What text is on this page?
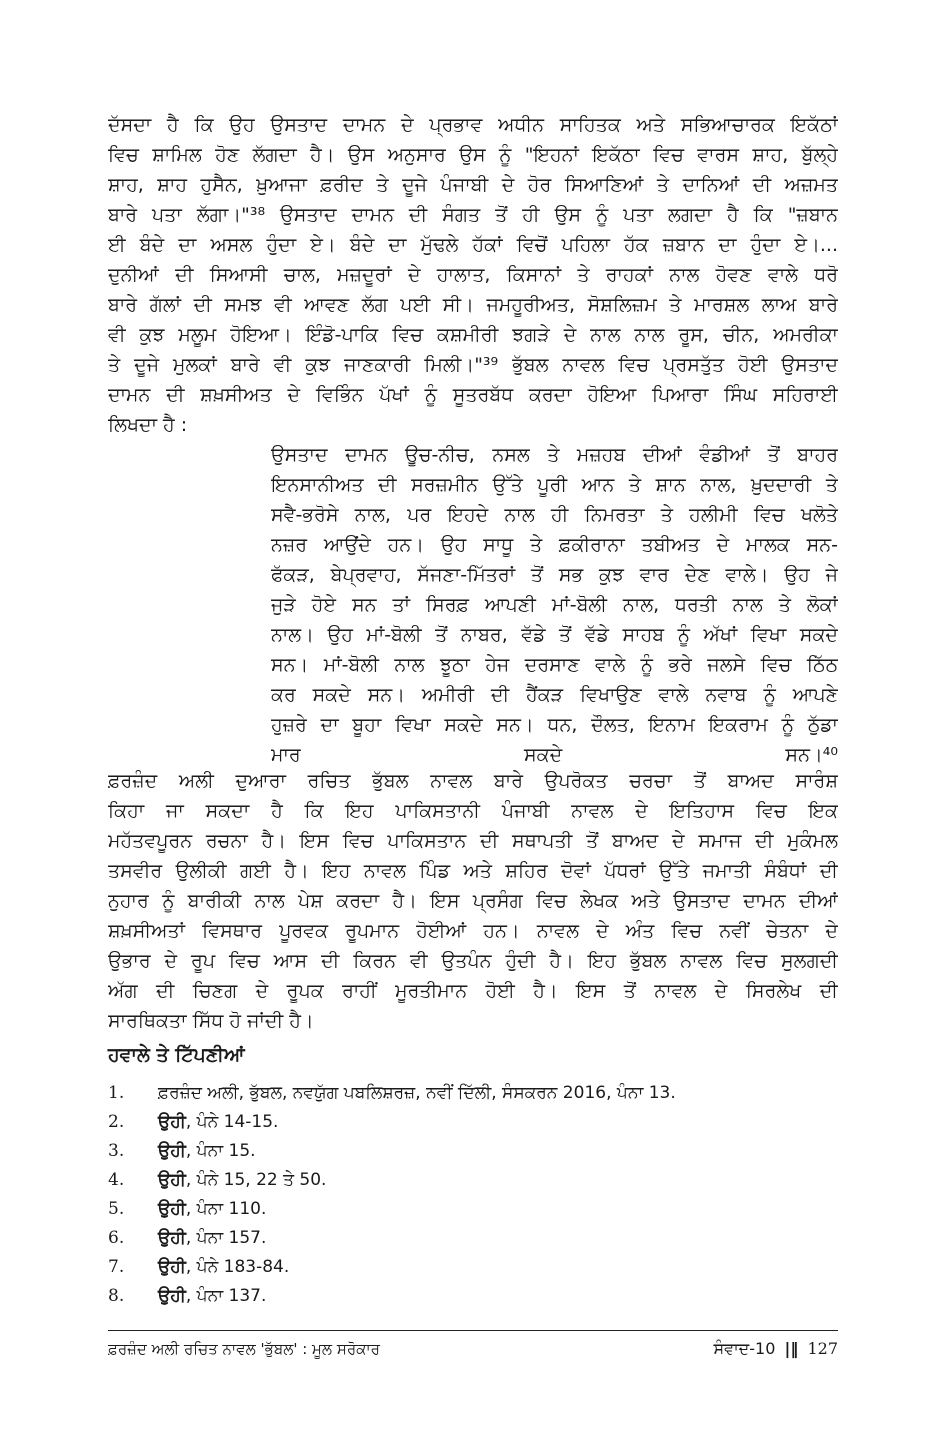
ਦੱਸਦਾ ਹੈ ਕਿ ਉਹ ਉਸਤਾਦ ਦਾਮਨ ਦੇ ਪ੍ਰਭਾਵ ਅਧੀਨ ਸਾਹਿਤਕ ਅਤੇ ਸਭਿਆਚਾਰਕ ਇਕੱਠਾਂ
ਵਿਚ ਸ਼ਾਮਿਲ ਹੋਣ ਲੱਗਦਾ ਹੈ। ਉਸ ਅਨੁਸਾਰ ਉਸ ਨੂੰ "ਇਹਨਾਂ ਇਕੱਠਾ ਵਿਚ ਵਾਰਸ ਸ਼ਾਹ, ਬੁੱਲ੍ਹੇ
ਸ਼ਾਹ, ਸ਼ਾਹ ਹੁਸੈਨ, ਖ਼ੁਆਜਾ ਫ਼ਰੀਦ ਤੇ ਦੂਜੇ ਪੰਜਾਬੀ ਦੇ ਹੋਰ ਸਿਆਣਿਆਂ ਤੇ ਦਾਨਿਆਂ ਦੀ ਅਜ਼ਮਤ
ਬਾਰੇ ਪਤਾ ਲੱਗਾ।"³⁸ ਉਸਤਾਦ ਦਾਮਨ ਦੀ ਸੰਗਤ ਤੋਂ ਹੀ ਉਸ ਨੂੰ ਪਤਾ ਲਗਦਾ ਹੈ ਕਿ "ਜ਼ਬਾਨ
ਈ ਬੰਦੇ ਦਾ ਅਸਲ ਹੁੰਦਾ ਏ। ਬੰਦੇ ਦਾ ਮੁੱਢਲੇ ਹੱਕਾਂ ਵਿਚੋਂ ਪਹਿਲਾ ਹੱਕ ਜ਼ਬਾਨ ਦਾ ਹੁੰਦਾ ਏ।...
ਦੁਨੀਆਂ ਦੀ ਸਿਆਸੀ ਚਾਲ, ਮਜ਼ਦੂਰਾਂ ਦੇ ਹਾਲਾਤ, ਕਿਸਾਨਾਂ ਤੇ ਰਾਹਕਾਂ ਨਾਲ ਹੋਵਣ ਵਾਲੇ ਧਰੋ
ਬਾਰੇ ਗੱਲਾਂ ਦੀ ਸਮਝ ਵੀ ਆਵਣ ਲੱਗ ਪਈ ਸੀ। ਜਮਹੂਰੀਅਤ, ਸੋਸ਼ਲਿਜ਼ਮ ਤੇ ਮਾਰਸ਼ਲ ਲਾਅ ਬਾਰੇ
ਵੀ ਕੁਝ ਮਲੂਮ ਹੋਇਆ। ਇੰਡੋ-ਪਾਕਿ ਵਿਚ ਕਸ਼ਮੀਰੀ ਝਗੜੇ ਦੇ ਨਾਲ ਨਾਲ ਰੂਸ, ਚੀਨ, ਅਮਰੀਕਾ
ਤੇ ਦੂਜੇ ਮੁਲਕਾਂ ਬਾਰੇ ਵੀ ਕੁਝ ਜਾਣਕਾਰੀ ਮਿਲੀ।"³⁹ ਭੁੱਬਲ ਨਾਵਲ ਵਿਚ ਪ੍ਰਸਤੁੱਤ ਹੋਈ ਉਸਤਾਦ
ਦਾਮਨ ਦੀ ਸ਼ਖ਼ਸੀਅਤ ਦੇ ਵਿਭਿੰਨ ਪੱਖਾਂ ਨੂੰ ਸੂਤਰਬੱਧ ਕਰਦਾ ਹੋਇਆ ਪਿਆਰਾ ਸਿੰਘ ਸਹਿਰਾਈ
ਲਿਖਦਾ ਹੈ :
ਉਸਤਾਦ ਦਾਮਨ ਊਚ-ਨੀਚ, ਨਸਲ ਤੇ ਮਜ਼ਹਬ ਦੀਆਂ ਵੰਡੀਆਂ ਤੋਂ ਬਾਹਰ
ਇਨਸਾਨੀਅਤ ਦੀ ਸਰਜ਼ਮੀਨ ਉੱਤੇ ਪੂਰੀ ਆਨ ਤੇ ਸ਼ਾਨ ਨਾਲ, ਖ਼ੁਦਦਾਰੀ ਤੇ
ਸਵੈ-ਭਰੋਸੇ ਨਾਲ, ਪਰ ਇਹਦੇ ਨਾਲ ਹੀ ਨਿਮਰਤਾ ਤੇ ਹਲੀਮੀ ਵਿਚ ਖਲੋਤੇ
ਨਜ਼ਰ ਆਉਂਦੇ ਹਨ। ਉਹ ਸਾਧੂ ਤੇ ਫ਼ਕੀਰਾਨਾ ਤਬੀਅਤ ਦੇ ਮਾਲਕ ਸਨ-
ਫੱਕੜ, ਬੇਪ੍ਰਵਾਹ, ਸੱਜਣਾ-ਮਿੱਤਰਾਂ ਤੋਂ ਸਭ ਕੁਝ ਵਾਰ ਦੇਣ ਵਾਲੇ। ਉਹ ਜੇ
ਜੁੜੇ ਹੋਏ ਸਨ ਤਾਂ ਸਿਰਫ਼ ਆਪਣੀ ਮਾਂ-ਬੋਲੀ ਨਾਲ, ਧਰਤੀ ਨਾਲ ਤੇ ਲੋਕਾਂ
ਨਾਲ। ਉਹ ਮਾਂ-ਬੋਲੀ ਤੋਂ ਨਾਬਰ, ਵੱਡੇ ਤੋਂ ਵੱਡੇ ਸਾਹਬ ਨੂੰ ਅੱਖਾਂ ਵਿਖਾ ਸਕਦੇ
ਸਨ। ਮਾਂ-ਬੋਲੀ ਨਾਲ ਝੂਠਾ ਹੇਜ ਦਰਸਾਣ ਵਾਲੇ ਨੂੰ ਭਰੇ ਜਲਸੇ ਵਿਚ ਠਿੱਠ
ਕਰ ਸਕਦੇ ਸਨ। ਅਮੀਰੀ ਦੀ ਹੈਂਕੜ ਵਿਖਾਉਣ ਵਾਲੇ ਨਵਾਬ ਨੂੰ ਆਪਣੇ
ਹੁਜ਼ਰੇ ਦਾ ਬੂਹਾ ਵਿਖਾ ਸਕਦੇ ਸਨ। ਧਨ, ਦੌਲਤ, ਇਨਾਮ ਇਕਰਾਮ ਨੂੰ ਠੁੱਡਾ
ਮਾਰ ਸਕਦੇ ਸਨ।⁴⁰
ਫ਼ਰਜ਼ੰਦ ਅਲੀ ਦੁਆਰਾ ਰਚਿਤ ਭੁੱਬਲ ਨਾਵਲ ਬਾਰੇ ਉਪਰੋਕਤ ਚਰਚਾ ਤੋਂ ਬਾਅਦ ਸਾਰੰਸ਼
ਕਿਹਾ ਜਾ ਸਕਦਾ ਹੈ ਕਿ ਇਹ ਪਾਕਿਸਤਾਨੀ ਪੰਜਾਬੀ ਨਾਵਲ ਦੇ ਇਤਿਹਾਸ ਵਿਚ ਇਕ
ਮਹੱਤਵਪੂਰਨ ਰਚਨਾ ਹੈ। ਇਸ ਵਿਚ ਪਾਕਿਸਤਾਨ ਦੀ ਸਥਾਪਤੀ ਤੋਂ ਬਾਅਦ ਦੇ ਸਮਾਜ ਦੀ ਮੁਕੰਮਲ
ਤਸਵੀਰ ਉਲੀਕੀ ਗਈ ਹੈ। ਇਹ ਨਾਵਲ ਪਿੰਡ ਅਤੇ ਸ਼ਹਿਰ ਦੋਵਾਂ ਪੱਧਰਾਂ ਉੱਤੇ ਜਮਾਤੀ ਸੰਬੰਧਾਂ ਦੀ
ਨੁਹਾਰ ਨੂੰ ਬਾਰੀਕੀ ਨਾਲ ਪੇਸ਼ ਕਰਦਾ ਹੈ। ਇਸ ਪ੍ਰਸੰਗ ਵਿਚ ਲੇਖਕ ਅਤੇ ਉਸਤਾਦ ਦਾਮਨ ਦੀਆਂ
ਸ਼ਖ਼ਸੀਅਤਾਂ ਵਿਸਥਾਰ ਪੂਰਵਕ ਰੂਪਮਾਨ ਹੋਈਆਂ ਹਨ। ਨਾਵਲ ਦੇ ਅੰਤ ਵਿਚ ਨਵੀਂ ਚੇਤਨਾ ਦੇ
ਉਭਾਰ ਦੇ ਰੂਪ ਵਿਚ ਆਸ ਦੀ ਕਿਰਨ ਵੀ ਉਤਪੰਨ ਹੁੰਦੀ ਹੈ। ਇਹ ਭੁੱਬਲ ਨਾਵਲ ਵਿਚ ਸੁਲਗਦੀ
ਅੱਗ ਦੀ ਚਿਣਗ ਦੇ ਰੂਪਕ ਰਾਹੀਂ ਮੂਰਤੀਮਾਨ ਹੋਈ ਹੈ। ਇਸ ਤੋਂ ਨਾਵਲ ਦੇ ਸਿਰਲੇਖ ਦੀ
ਸਾਰਥਿਕਤਾ ਸਿੱਧ ਹੋ ਜਾਂਦੀ ਹੈ।
ਹਵਾਲੇ ਤੇ ਟਿੱਪਣੀਆਂ
1. ਫ਼ਰਜ਼ੰਦ ਅਲੀ, ਭੁੱਬਲ, ਨਵਯੁੱਗ ਪਬਲਿਸ਼ਰਜ਼, ਨਵੀਂ ਦਿੱਲੀ, ਸੰਸਕਰਨ 2016, ਪੰਨਾ 13.
2. ਉਹੀ, ਪੰਨੇ 14-15.
3. ਉਹੀ, ਪੰਨਾ 15.
4. ਉਹੀ, ਪੰਨੇ 15, 22 ਤੇ 50.
5. ਉਹੀ, ਪੰਨਾ 110.
6. ਉਹੀ, ਪੰਨਾ 157.
7. ਉਹੀ, ਪੰਨੇ 183-84.
8. ਉਹੀ, ਪੰਨਾ 137.
ਫ਼ਰਜ਼ੰਦ ਅਲੀ ਰਚਿਤ ਨਾਵਲ 'ਭੁੱਬਲ' : ਮੂਲ ਸਰੋਕਾਰ	ਸੰਵਾਦ-10 |‖ 127
